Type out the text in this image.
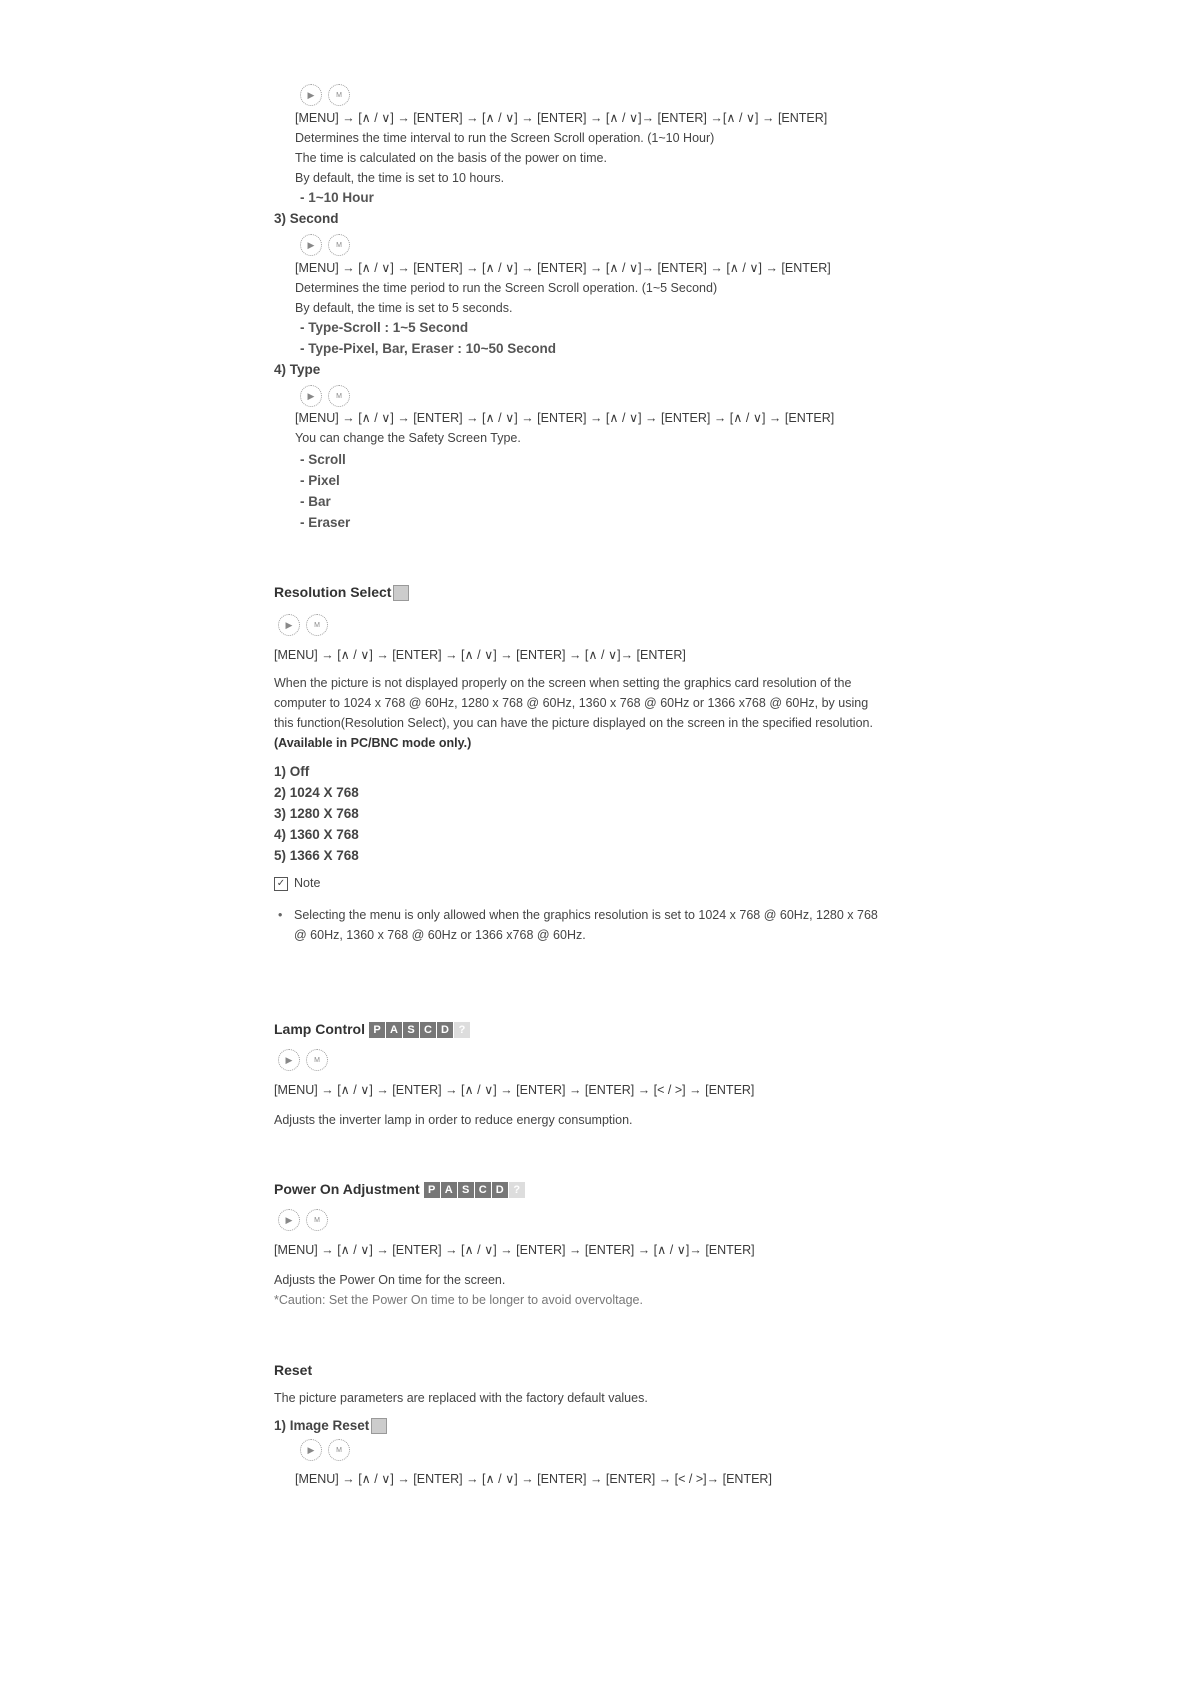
▶	M
[MENU] → [∧ / ∨] → [ENTER] → [∧ / ∨] → [ENTER] → [∧ / ∨]→ [ENTER] →[∧ / ∨] → [ENTER]
Determines the time interval to run the Screen Scroll operation. (1~10 Hour)
The time is calculated on the basis of the power on time.
By default, the time is set to 10 hours.
- 1~10 Hour
3) Second
▶	M
[MENU] → [∧ / ∨] → [ENTER] → [∧ / ∨] → [ENTER] → [∧ / ∨]→ [ENTER] → [∧ / ∨] → [ENTER]
Determines the time period to run the Screen Scroll operation. (1~5 Second)
By default, the time is set to 5 seconds.
- Type-Scroll : 1~5 Second
- Type-Pixel, Bar, Eraser : 10~50 Second
4) Type
▶	M
[MENU] → [∧ / ∨] → [ENTER] → [∧ / ∨] → [ENTER] → [∧ / ∨] → [ENTER] → [∧ / ∨] → [ENTER]
You can change the Safety Screen Type.
- Scroll
- Pixel
- Bar
- Eraser
Resolution Select
▶	M
[MENU] → [∧ / ∨] → [ENTER] → [∧ / ∨] → [ENTER] → [∧ / ∨]→ [ENTER]
When the picture is not displayed properly on the screen when setting the graphics card resolution of the
computer to 1024 x 768 @ 60Hz, 1280 x 768 @ 60Hz, 1360 x 768 @ 60Hz or 1366 x768 @ 60Hz, by using
this function(Resolution Select), you can have the picture displayed on the screen in the specified resolution.
(Available in PC/BNC mode only.)
1) Off
2) 1024 X 768
3) 1280 X 768
4) 1360 X 768
5) 1366 X 768
✓ Note
• Selecting the menu is only allowed when the graphics resolution is set to 1024 x 768 @ 60Hz, 1280 x 768
@ 60Hz, 1360 x 768 @ 60Hz or 1366 x768 @ 60Hz.
Lamp Control P A S C D ?
▶	M
[MENU] → [∧ / ∨] → [ENTER] → [∧ / ∨] → [ENTER] → [ENTER] → [< / >] → [ENTER]
Adjusts the inverter lamp in order to reduce energy consumption.
Power On Adjustment P A S C D ?
▶	M
[MENU] → [∧ / ∨] → [ENTER] → [∧ / ∨] → [ENTER] → [ENTER] → [∧ / ∨]→ [ENTER]
Adjusts the Power On time for the screen.
*Caution: Set the Power On time to be longer to avoid overvoltage.
Reset
The picture parameters are replaced with the factory default values.
1) Image Reset
▶	M
[MENU] → [∧ / ∨] → [ENTER] → [∧ / ∨] → [ENTER] → [ENTER] → [< / >]→ [ENTER]
